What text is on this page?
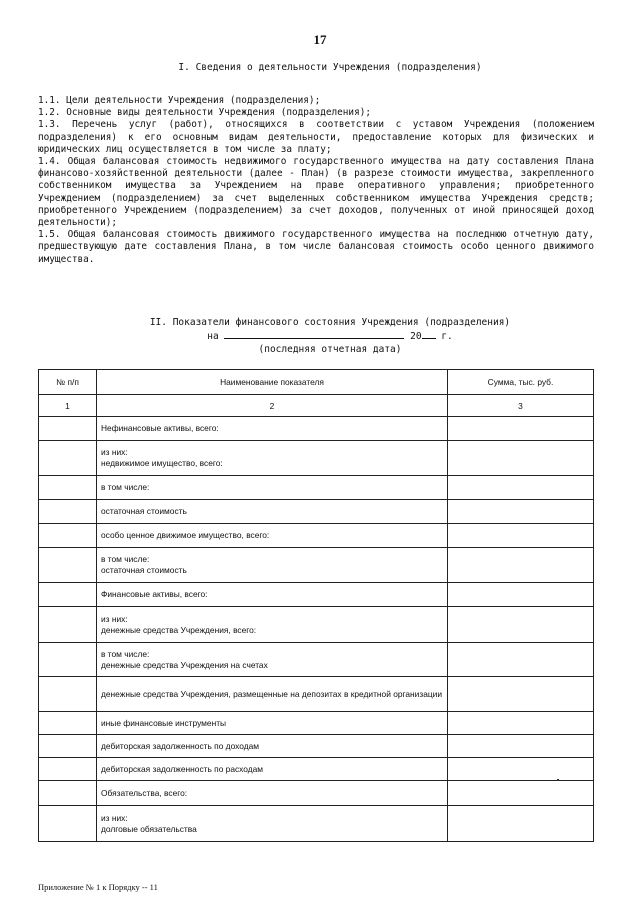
17
I. Сведения о деятельности Учреждения (подразделения)
1.1. Цели деятельности Учреждения (подразделения);
1.2. Основные виды деятельности Учреждения (подразделения);
1.3. Перечень услуг (работ), относящихся в соответствии с уставом Учреждения (положением подразделения) к его основным видам деятельности, предоставление которых для физических и юридических лиц осуществляется в том числе за плату;
1.4. Общая балансовая стоимость недвижимого государственного имущества на дату составления Плана финансово-хозяйственной деятельности (далее - План) (в разрезе стоимости имущества, закрепленного собственником имущества за Учреждением на праве оперативного управления; приобретенного Учреждением (подразделением) за счет выделенных собственником имущества Учреждения средств; приобретенного Учреждением (подразделением) за счет доходов, полученных от иной приносящей доход деятельности);
1.5. Общая балансовая стоимость движимого государственного имущества на последнюю отчетную дату, предшествующую дате составления Плана, в том числе балансовая стоимость особо ценного движимого имущества.
II. Показатели финансового состояния Учреждения (подразделения)
на	20 г.
(последняя отчетная дата)
№ п/п	Наименование показателя	Сумма, тыс. руб.
1	2	3

	Нефинансовые активы, всего:	

	из них:
недвижимое имущество, всего:	

	в том числе:	

	остаточная стоимость	

	особо ценное движимое имущество, всего:	

	в том числе:
остаточная стоимость	

	Финансовые активы, всего:	

	из них:
денежные средства Учреждения, всего:	

	в том числе:
денежные средства Учреждения на счетах	

	денежные средства Учреждения, размещенные на депозитах в кредитной организации	

	иные финансовые инструменты	

	дебиторская задолженность по доходам	

	дебиторская задолженность по расходам	

	Обязательства, всего:	

	из них:
долговые обязательства	

Приложение № 1 к Порядку -- 11
